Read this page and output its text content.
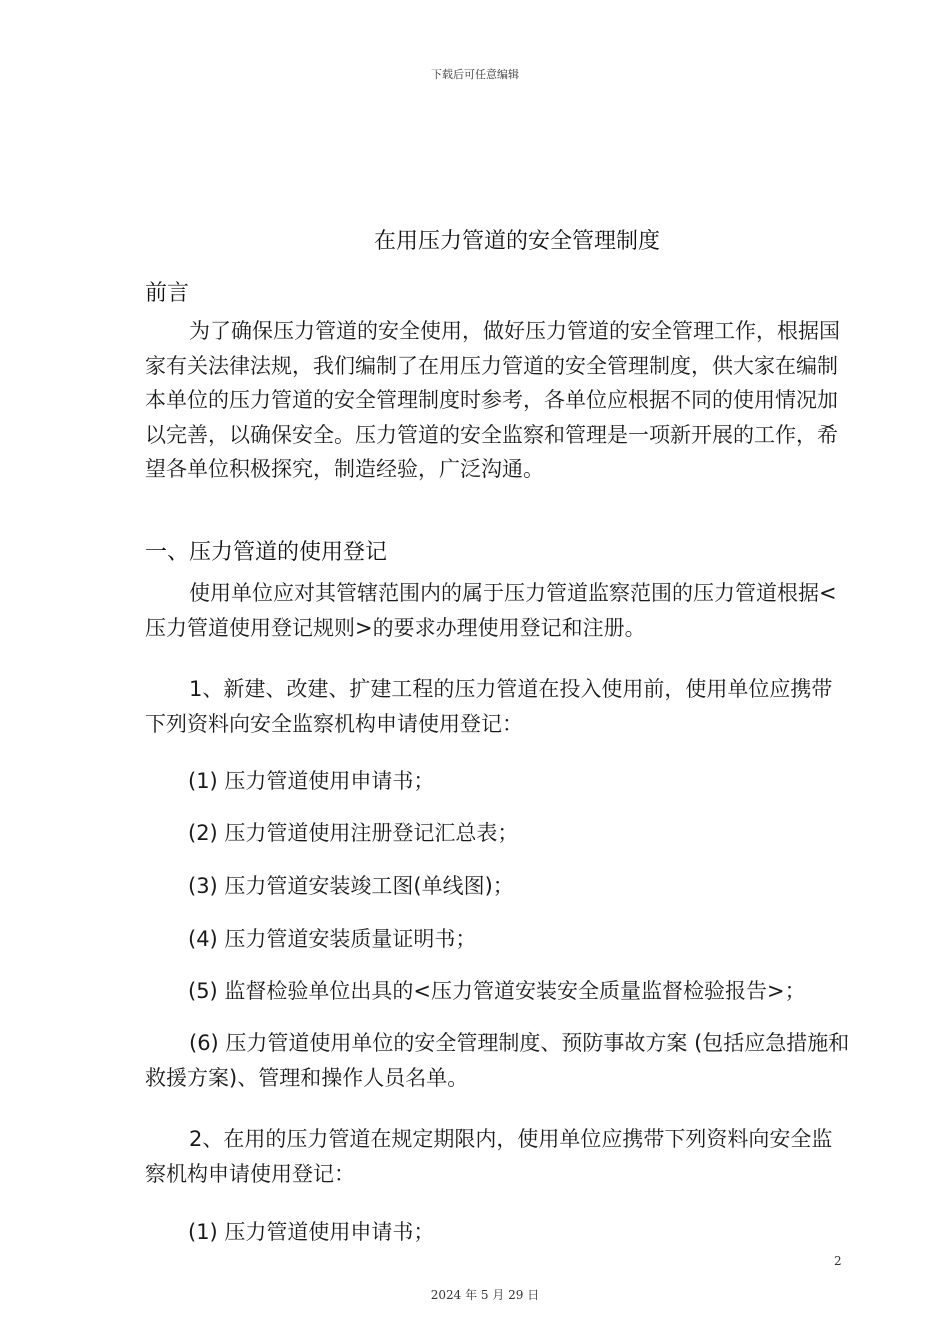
下载后可任意编辑
在用压力管道的安全管理制度
前言

为了确保压力管道的安全使用，做好压力管道的安全管理工作，根据国家有关法律法规，我们编制了在用压力管道的安全管理制度，供大家在编制本单位的压力管道的安全管理制度时参考，各单位应根据不同的使用情况加以完善，以确保安全。压力管道的安全监察和管理是一项新开展的工作，希望各单位积极探究，制造经验，广泛沟通。

一、压力管道的使用登记

使用单位应对其管辖范围内的属于压力管道监察范围的压力管道根据<压力管道使用登记规则>的要求办理使用登记和注册。

1、新建、改建、扩建工程的压力管道在投入使用前，使用单位应携带下列资料向安全监察机构申请使用登记：

(1) 压力管道使用申请书；

(2) 压力管道使用注册登记汇总表；

(3) 压力管道安装竣工图(单线图)；

(4) 压力管道安装质量证明书；

(5) 监督检验单位出具的<压力管道安装安全质量监督检验报告>；

(6) 压力管道使用单位的安全管理制度、预防事故方案 (包括应急措施和救援方案)、管理和操作人员名单。

2、在用的压力管道在规定期限内，使用单位应携带下列资料向安全监察机构申请使用登记：

(1) 压力管道使用申请书；

2
2024 年 5 月 29 日
